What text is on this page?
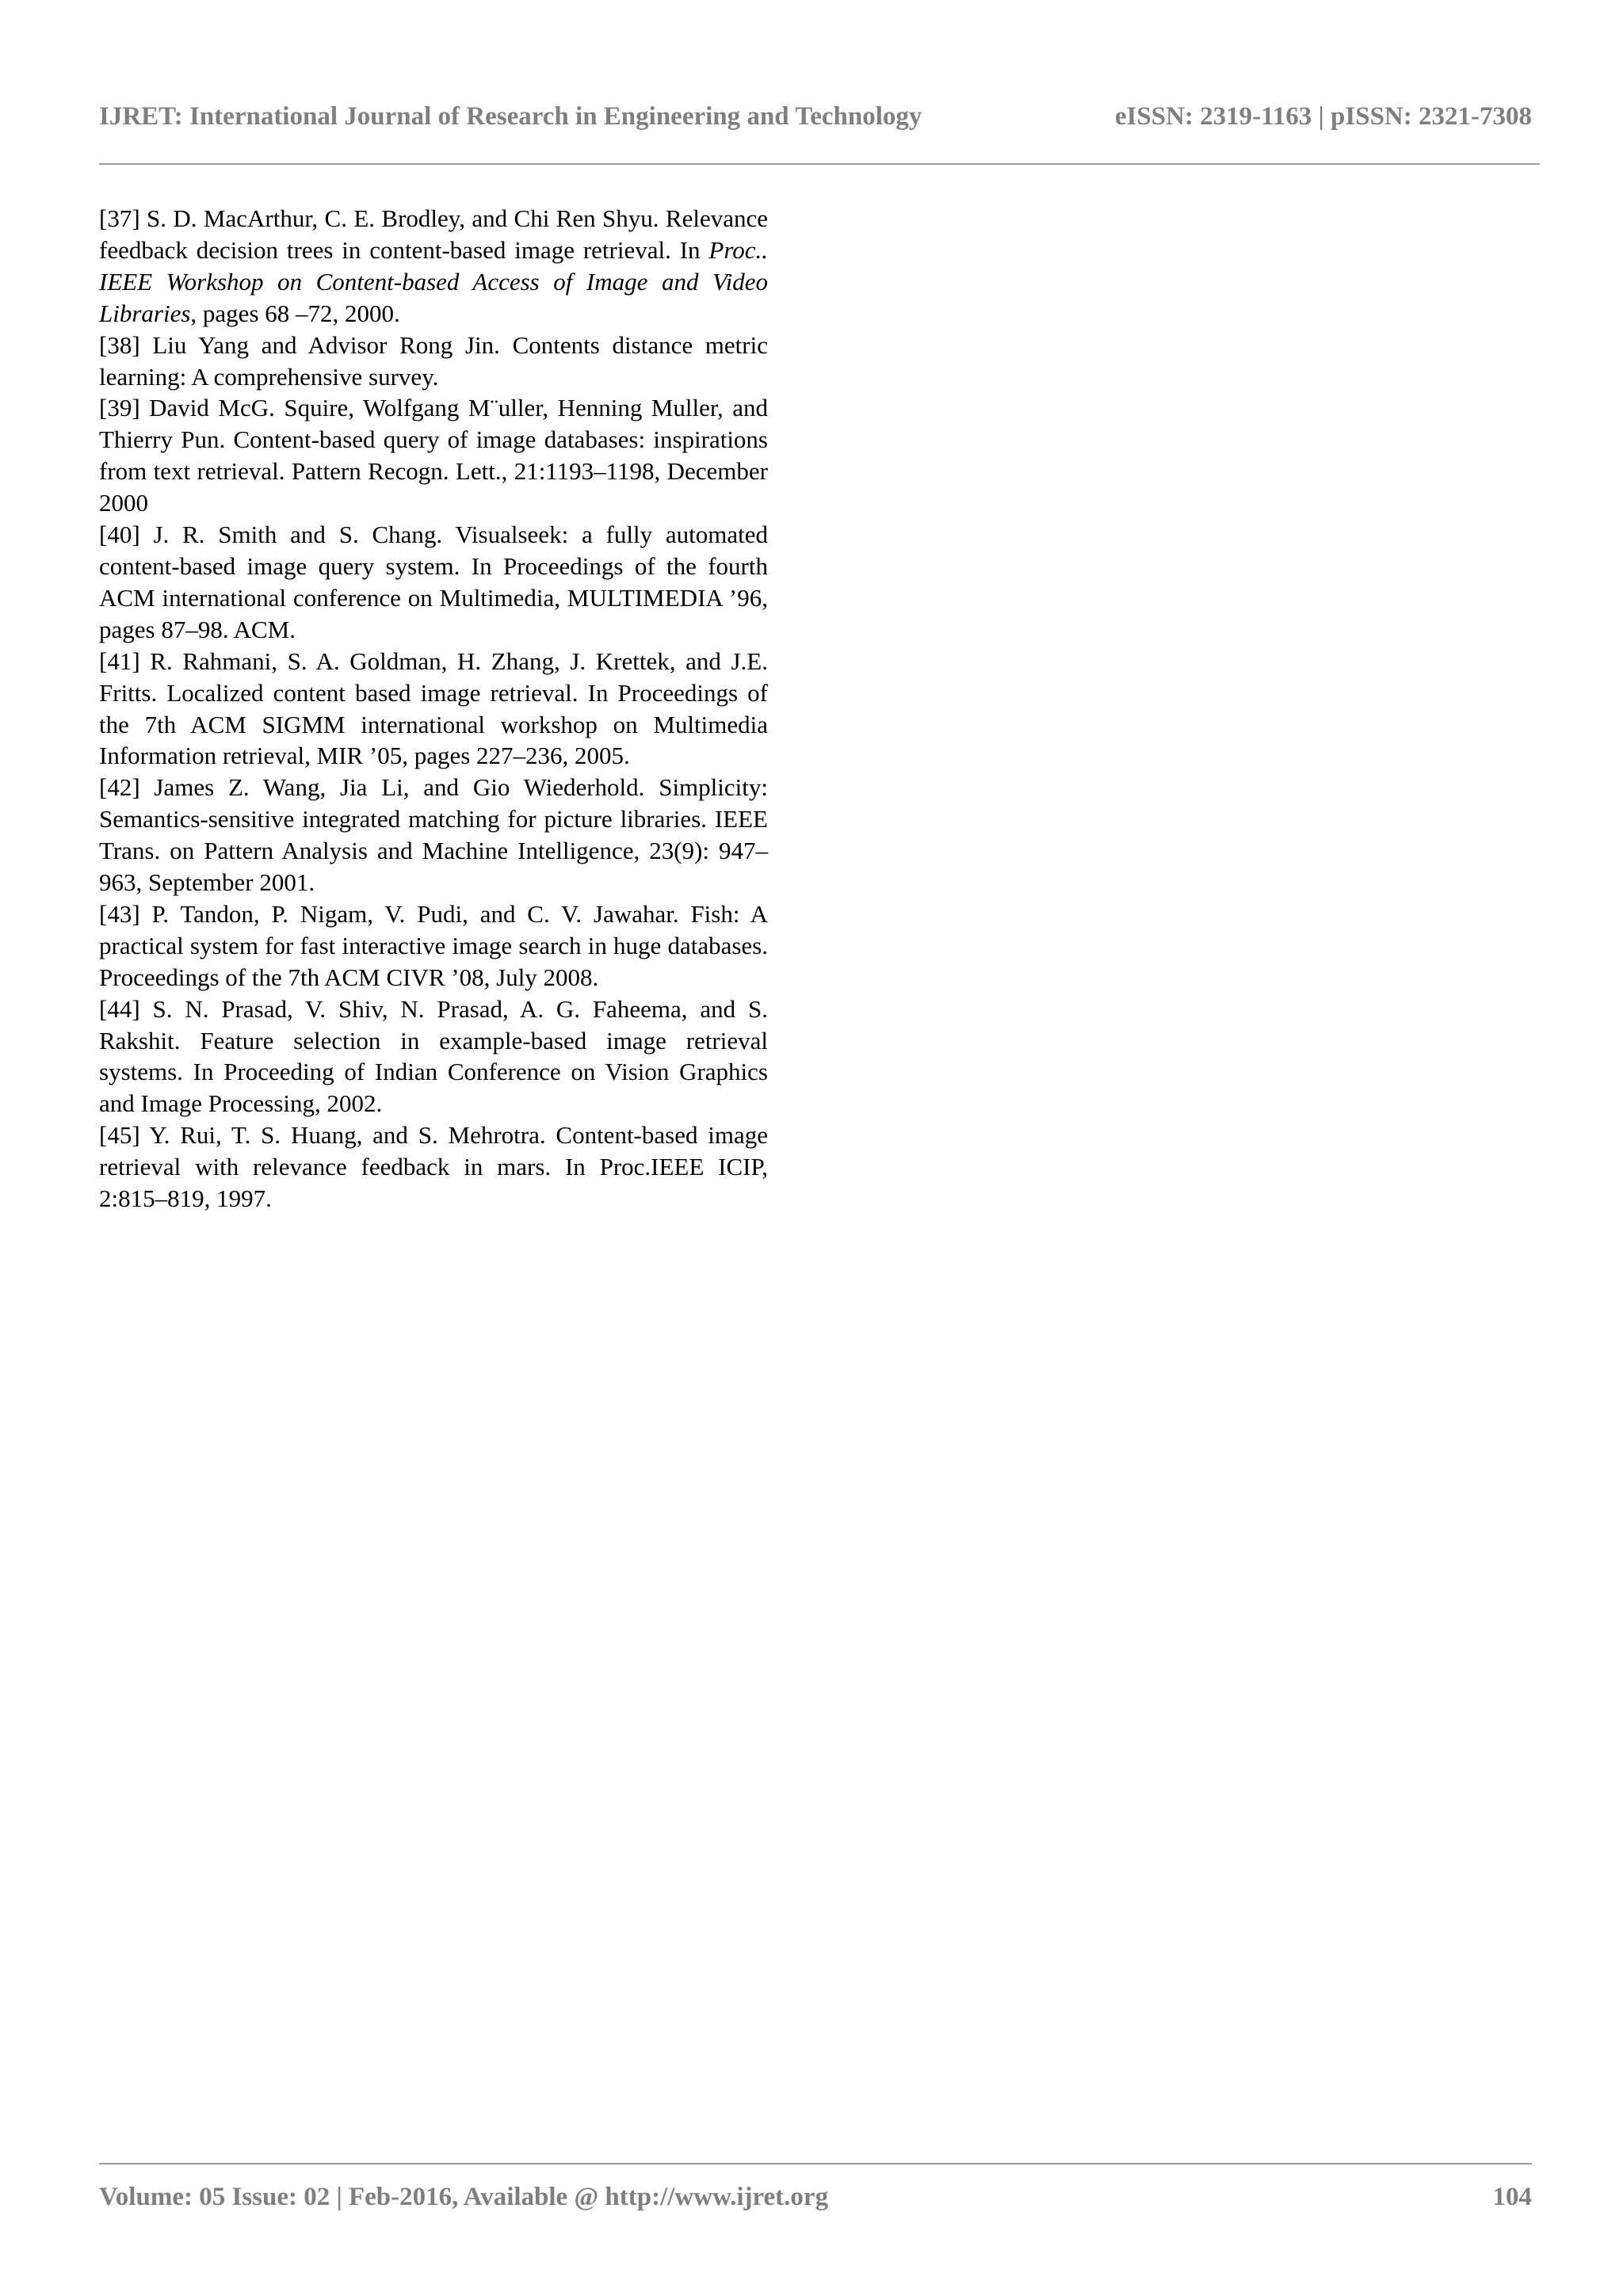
IJRET: International Journal of Research in Engineering and Technology	eISSN: 2319-1163 | pISSN: 2321-7308

[37] S. D. MacArthur, C. E. Brodley, and Chi Ren Shyu. Relevance feedback decision trees in content-based image retrieval. In Proc.. IEEE Workshop on Content-based Access of Image and Video Libraries, pages 68 –72, 2000.

[38] Liu Yang and Advisor Rong Jin. Contents distance metric learning: A comprehensive survey.

[39] David McG. Squire, Wolfgang M¨uller, Henning Muller, and Thierry Pun. Content-based query of image databases: inspirations from text retrieval. Pattern Recogn. Lett., 21:1193–1198, December 2000

[40] J. R. Smith and S. Chang. Visualseek: a fully automated content-based image query system. In Proceedings of the fourth ACM international conference on Multimedia, MULTIMEDIA ’96, pages 87–98. ACM.

[41] R. Rahmani, S. A. Goldman, H. Zhang, J. Krettek, and J.E. Fritts. Localized content based image retrieval. In Proceedings of the 7th ACM SIGMM international workshop on Multimedia Information retrieval, MIR ’05, pages 227–236, 2005.

[42] James Z. Wang, Jia Li, and Gio Wiederhold. Simplicity: Semantics-sensitive integrated matching for picture libraries. IEEE Trans. on Pattern Analysis and Machine Intelligence, 23(9): 947–963, September 2001.

[43] P. Tandon, P. Nigam, V. Pudi, and C. V. Jawahar. Fish: A practical system for fast interactive image search in huge databases. Proceedings of the 7th ACM CIVR ’08, July 2008.

[44] S. N. Prasad, V. Shiv, N. Prasad, A. G. Faheema, and S. Rakshit. Feature selection in example-based image retrieval systems. In Proceeding of Indian Conference on Vision Graphics and Image Processing, 2002.

[45] Y. Rui, T. S. Huang, and S. Mehrotra. Content-based image retrieval with relevance feedback in mars. In Proc.IEEE ICIP, 2:815–819, 1997.

Volume: 05 Issue: 02 | Feb-2016, Available @ http://www.ijret.org	104
